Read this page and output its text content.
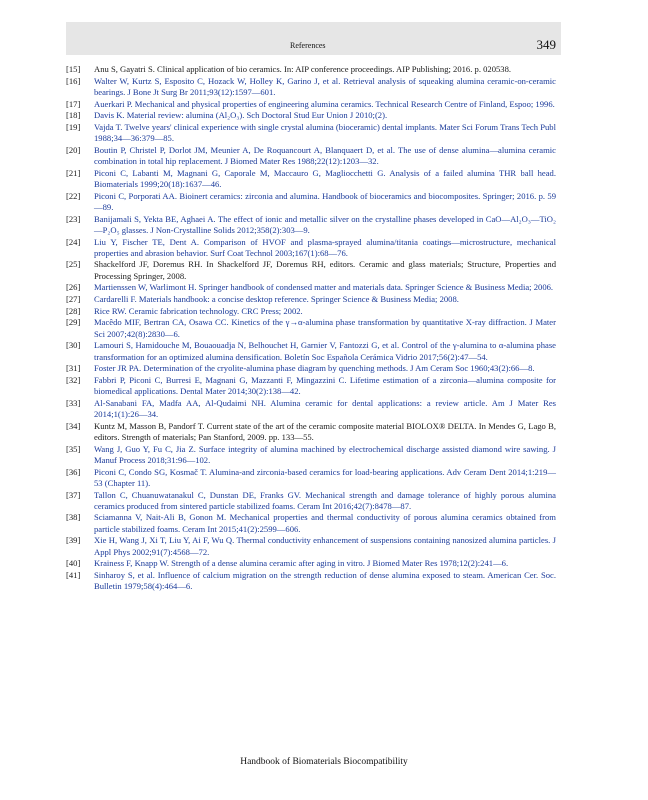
References	349
[15] Anu S, Gayatri S. Clinical application of bio ceramics. In: AIP conference proceedings. AIP Publishing; 2016. p. 020538.
[16] Walter W, Kurtz S, Esposito C, Hozack W, Holley K, Garino J, et al. Retrieval analysis of squeaking alumina ceramic-on-ceramic bearings. J Bone Jt Surg Br 2011;93(12):1597—601.
[17] Auerkari P. Mechanical and physical properties of engineering alumina ceramics. Technical Research Centre of Finland, Espoo; 1996.
[18] Davis K. Material review: alumina (Al₂O₃). Sch Doctoral Stud Eur Union J 2010;(2).
[19] Vajda T. Twelve years' clinical experience with single crystal alumina (bioceramic) dental implants. Mater Sci Forum Trans Tech Publ 1988;34—36:379—85.
[20] Boutin P, Christel P, Dorlot JM, Meunier A, De Roquancourt A, Blanquaert D, et al. The use of dense alumina—alumina ceramic combination in total hip replacement. J Biomed Mater Res 1988;22(12):1203—32.
[21] Piconi C, Labanti M, Magnani G, Caporale M, Maccauro G, Magliocchetti G. Analysis of a failed alumina THR ball head. Biomaterials 1999;20(18):1637—46.
[22] Piconi C, Porporati AA. Bioinert ceramics: zirconia and alumina. Handbook of bioceramics and biocomposites. Springer; 2016. p. 59—89.
[23] Banijamali S, Yekta BE, Aghaei A. The effect of ionic and metallic silver on the crystalline phases developed in CaO—Al₂O₃—TiO₂—P₂O₅ glasses. J Non-Crystalline Solids 2012;358(2):303—9.
[24] Liu Y, Fischer TE, Dent A. Comparison of HVOF and plasma-sprayed alumina/titania coatings—microstructure, mechanical properties and abrasion behavior. Surf Coat Technol 2003;167(1):68—76.
[25] Shackelford JF, Doremus RH. In Shackelford JF, Doremus RH, editors. Ceramic and glass materials; Structure, Properties and Processing Springer, 2008.
[26] Martienssen W, Warlimont H. Springer handbook of condensed matter and materials data. Springer Science & Business Media; 2006.
[27] Cardarelli F. Materials handbook: a concise desktop reference. Springer Science & Business Media; 2008.
[28] Rice RW. Ceramic fabrication technology. CRC Press; 2002.
[29] Macêdo MIF, Bertran CA, Osawa CC. Kinetics of the γ→α-alumina phase transformation by quantitative X-ray diffraction. J Mater Sci 2007;42(8):2830—6.
[30] Lamouri S, Hamidouche M, Bouaouadja N, Belhouchet H, Garnier V, Fantozzi G, et al. Control of the γ-alumina to α-alumina phase transformation for an optimized alumina densification. Boletín Soc Española Cerámica Vidrio 2017;56(2):47—54.
[31] Foster JR PA. Determination of the cryolite-alumina phase diagram by quenching methods. J Am Ceram Soc 1960;43(2):66—8.
[32] Fabbri P, Piconi C, Burresi E, Magnani G, Mazzanti F, Mingazzini C. Lifetime estimation of a zirconia—alumina composite for biomedical applications. Dental Mater 2014;30(2):138—42.
[33] Al-Sanabani FA, Madfa AA, Al-Qudaimi NH. Alumina ceramic for dental applications: a review article. Am J Mater Res 2014;1(1):26—34.
[34] Kuntz M, Masson B, Pandorf T. Current state of the art of the ceramic composite material BIOLOX® DELTA. In Mendes G, Lago B, editors. Strength of materials; Pan Stanford, 2009. pp. 133—55.
[35] Wang J, Guo Y, Fu C, Jia Z. Surface integrity of alumina machined by electrochemical discharge assisted diamond wire sawing. J Manuf Process 2018;31:96—102.
[36] Piconi C, Condo SG, Kosmač T. Alumina-and zirconia-based ceramics for load-bearing applications. Adv Ceram Dent 2014;1:219—53 (Chapter 11).
[37] Tallon C, Chuanuwatanakul C, Dunstan DE, Franks GV. Mechanical strength and damage tolerance of highly porous alumina ceramics produced from sintered particle stabilized foams. Ceram Int 2016;42(7):8478—87.
[38] Sciamanna V, Nait-Ali B, Gonon M. Mechanical properties and thermal conductivity of porous alumina ceramics obtained from particle stabilized foams. Ceram Int 2015;41(2):2599—606.
[39] Xie H, Wang J, Xi T, Liu Y, Ai F, Wu Q. Thermal conductivity enhancement of suspensions containing nanosized alumina particles. J Appl Phys 2002;91(7):4568—72.
[40] Krainess F, Knapp W. Strength of a dense alumina ceramic after aging in vitro. J Biomed Mater Res 1978;12(2):241—6.
[41] Sinharoy S, et al. Influence of calcium migration on the strength reduction of dense alumina exposed to steam. American Cer. Soc. Bulletin 1979;58(4):464—6.
Handbook of Biomaterials Biocompatibility
